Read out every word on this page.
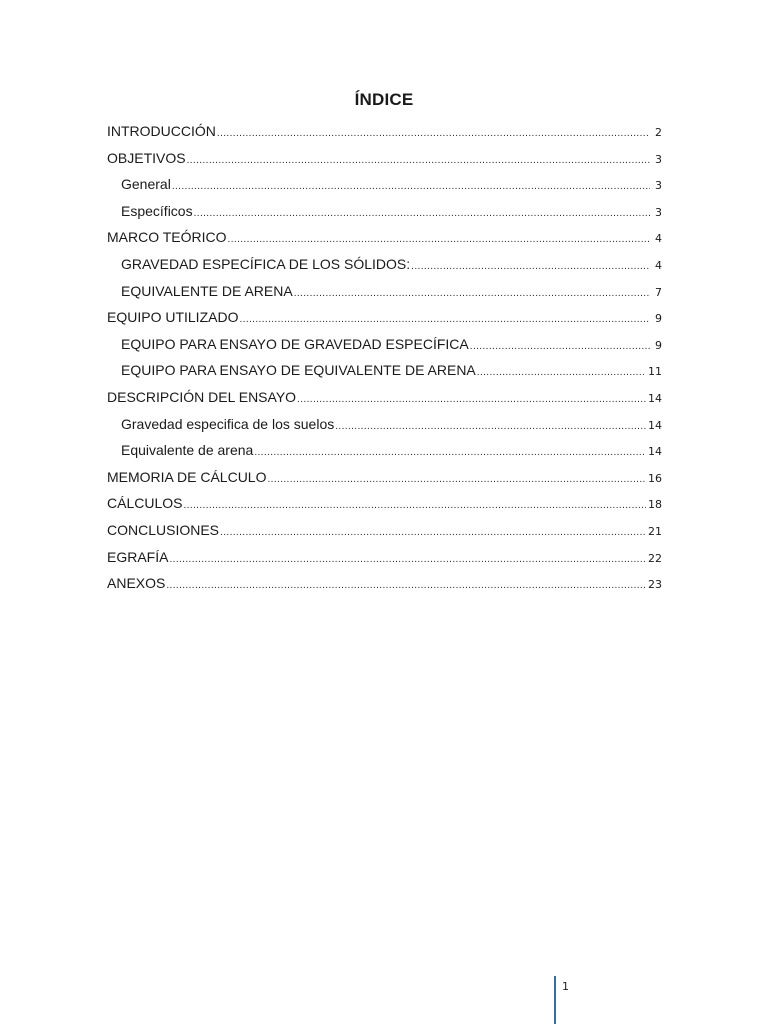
ÍNDICE
INTRODUCCIÓN .....	2
OBJETIVOS .....	3
General .....	3
Específicos .....	3
MARCO TEÓRICO .....	4
GRAVEDAD ESPECÍFICA DE LOS SÓLIDOS: .....	4
EQUIVALENTE DE ARENA .....	7
EQUIPO UTILIZADO .....	9
EQUIPO PARA ENSAYO DE GRAVEDAD ESPECÍFICA .....	9
EQUIPO PARA ENSAYO DE EQUIVALENTE DE ARENA .....	11
DESCRIPCIÓN DEL ENSAYO .....	14
Gravedad especifica de los suelos .....	14
Equivalente de arena .....	14
MEMORIA DE CÁLCULO .....	16
CÁLCULOS .....	18
CONCLUSIONES .....	21
EGRAFÍA .....	22
ANEXOS .....	23
1
